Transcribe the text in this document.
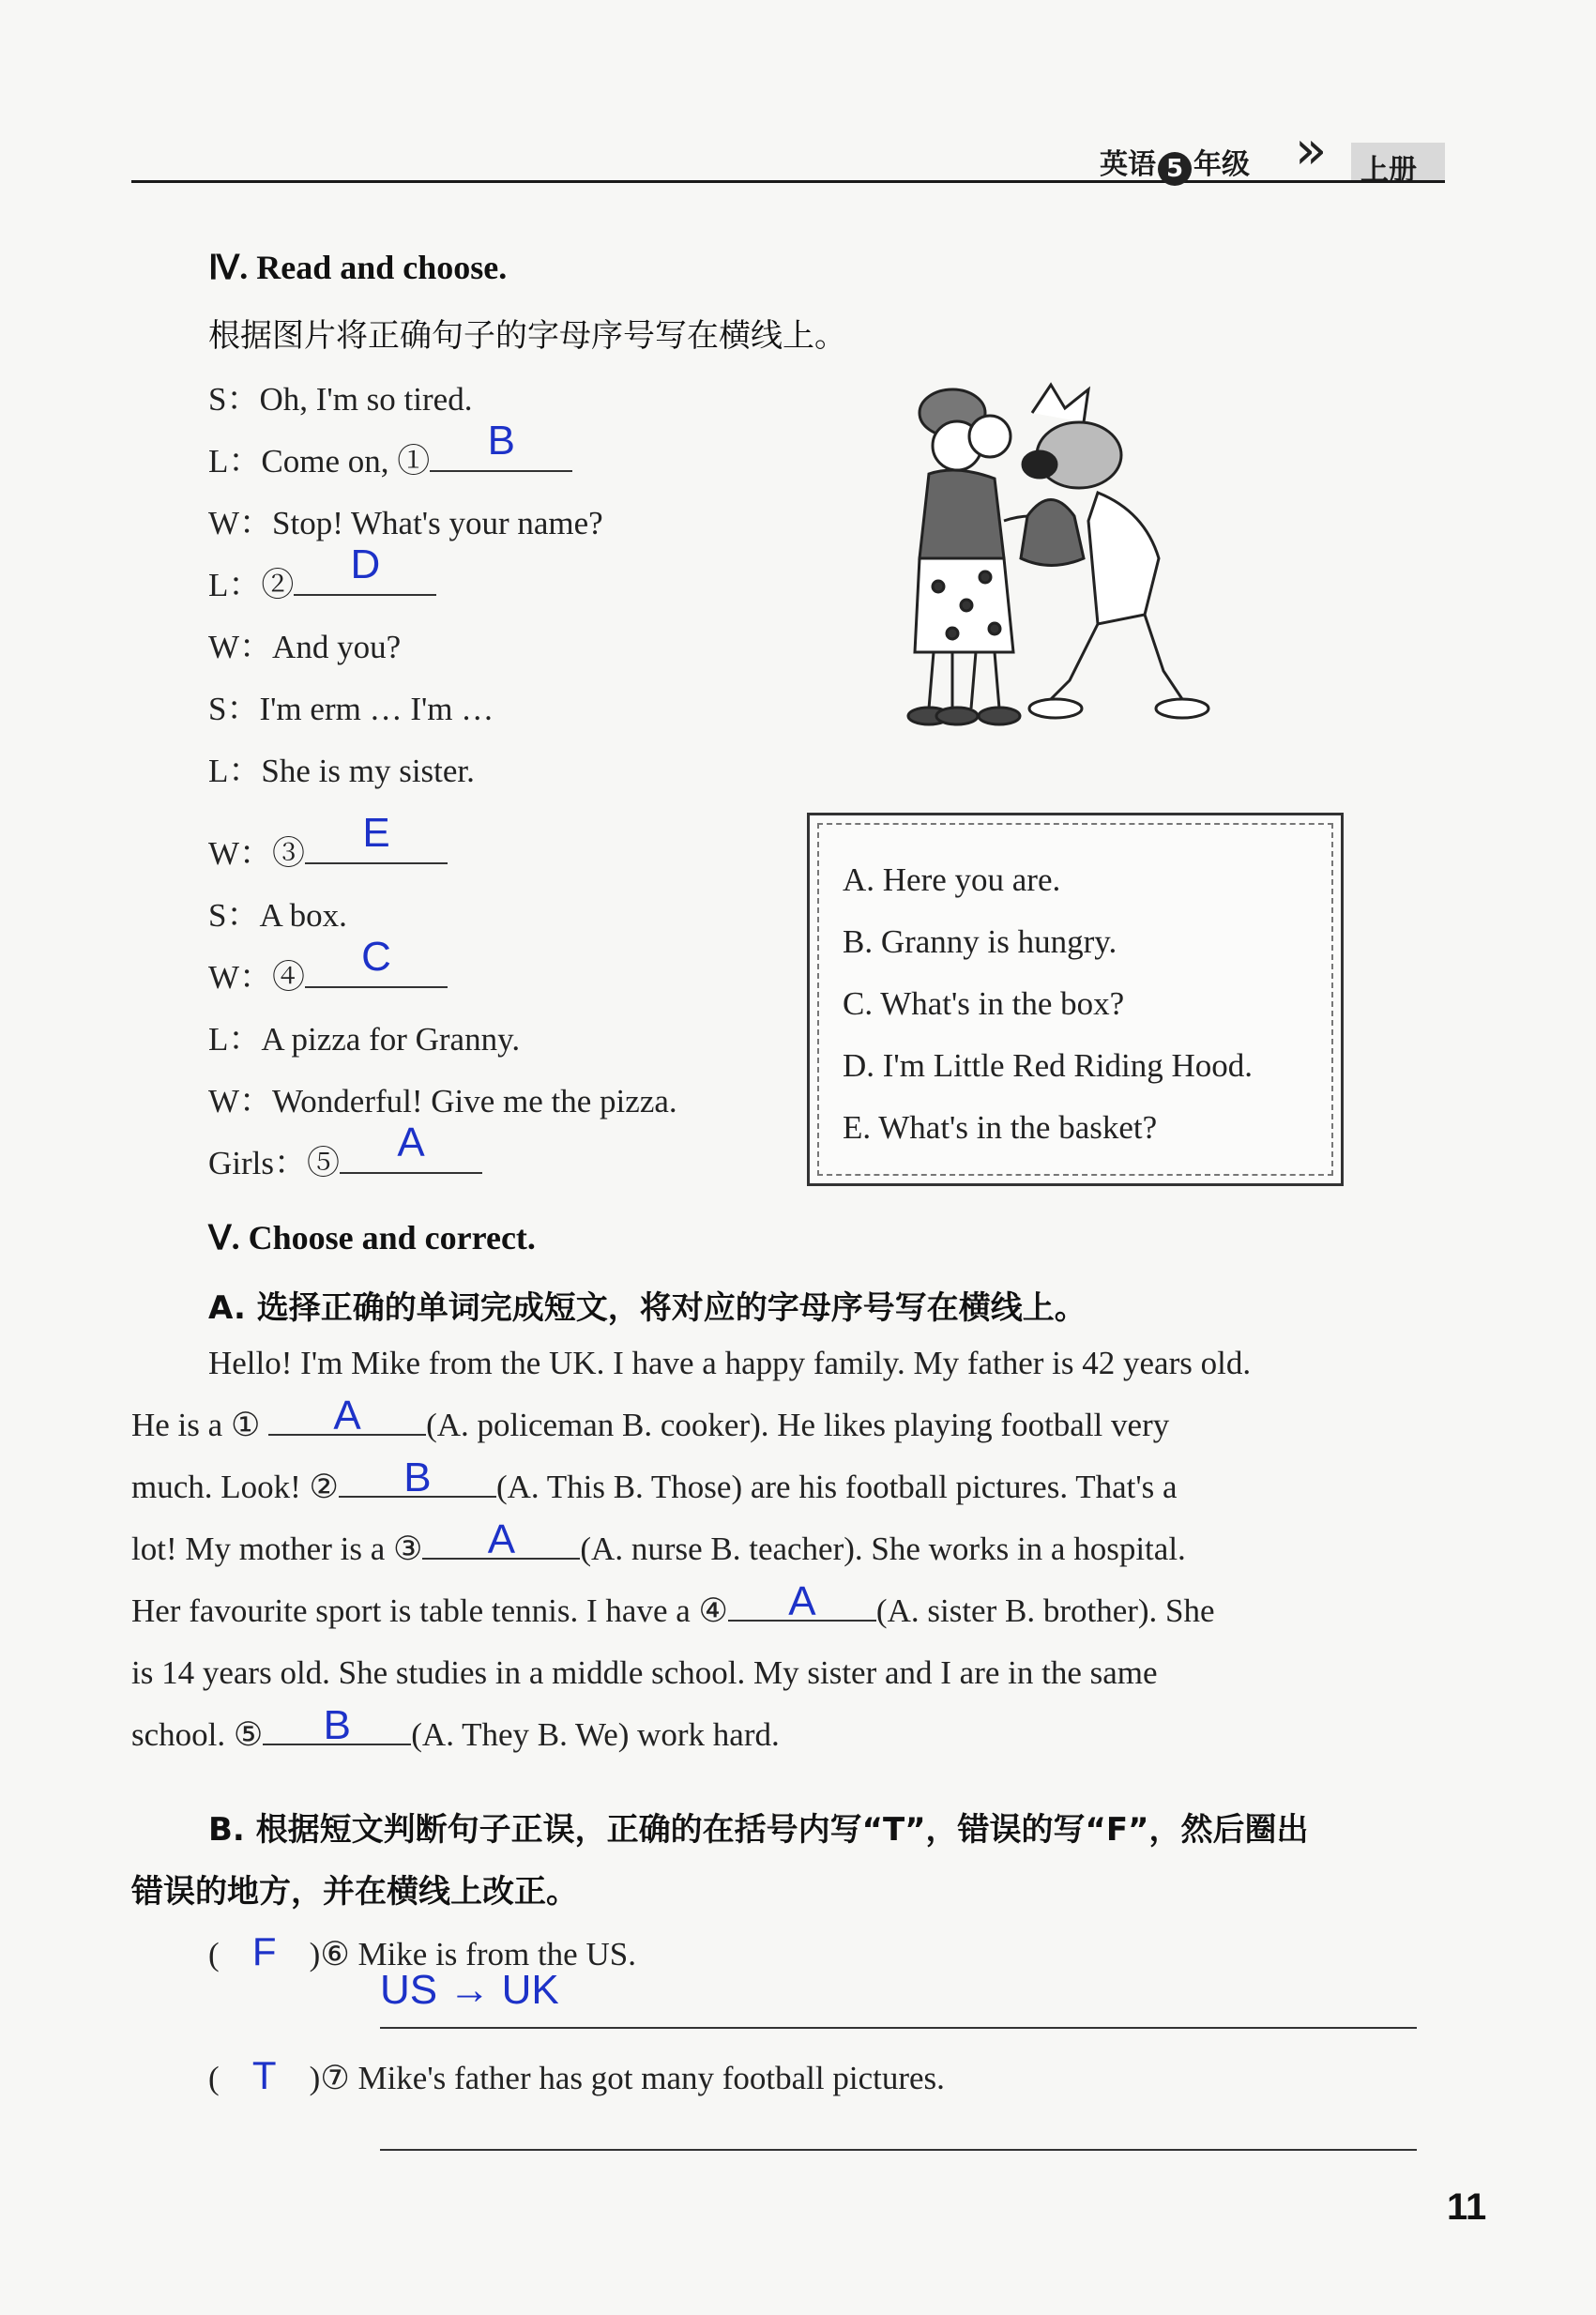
英语 5 年级 » 上册
Ⅳ. Read and choose.
根据图片将正确句子的字母序号写在横线上。
S：Oh, I'm so tired.
L：Come on, ①	B
W：Stop! What's your name?
L：②	D
W：And you?
S：I'm erm … I'm …
L：She is my sister.
W：③	E
S：A box.
W：④	C
L：A pizza for Granny.
W：Wonderful! Give me the pizza.
Girls：⑤	A
A. Here you are.
B. Granny is hungry.
C. What's in the box?
D. I'm Little Red Riding Hood.
E. What's in the basket?
Ⅴ. Choose and correct.
A. 选择正确的单词完成短文，将对应的字母序号写在横线上。
Hello! I'm Mike from the UK. I have a happy family. My father is 42 years old.
He is a ①	A	(A. policeman B. cooker). He likes playing football very
much. Look! ②	B	(A. This B. Those) are his football pictures. That's a
lot! My mother is a ③	A	(A. nurse B. teacher). She works in a hospital.
Her favourite sport is table tennis. I have a ④	A	(A. sister B. brother). She
is 14 years old. She studies in a middle school. My sister and I are in the same
school. ⑤	B	(A. They B. We) work hard.
B. 根据短文判断句子正误，正确的在括号内写“T”，错误的写“F”，然后圈出
错误的地方，并在横线上改正。
( F )⑥ Mike is from the US.
US → UK
( T )⑦ Mike's father has got many football pictures.
11
